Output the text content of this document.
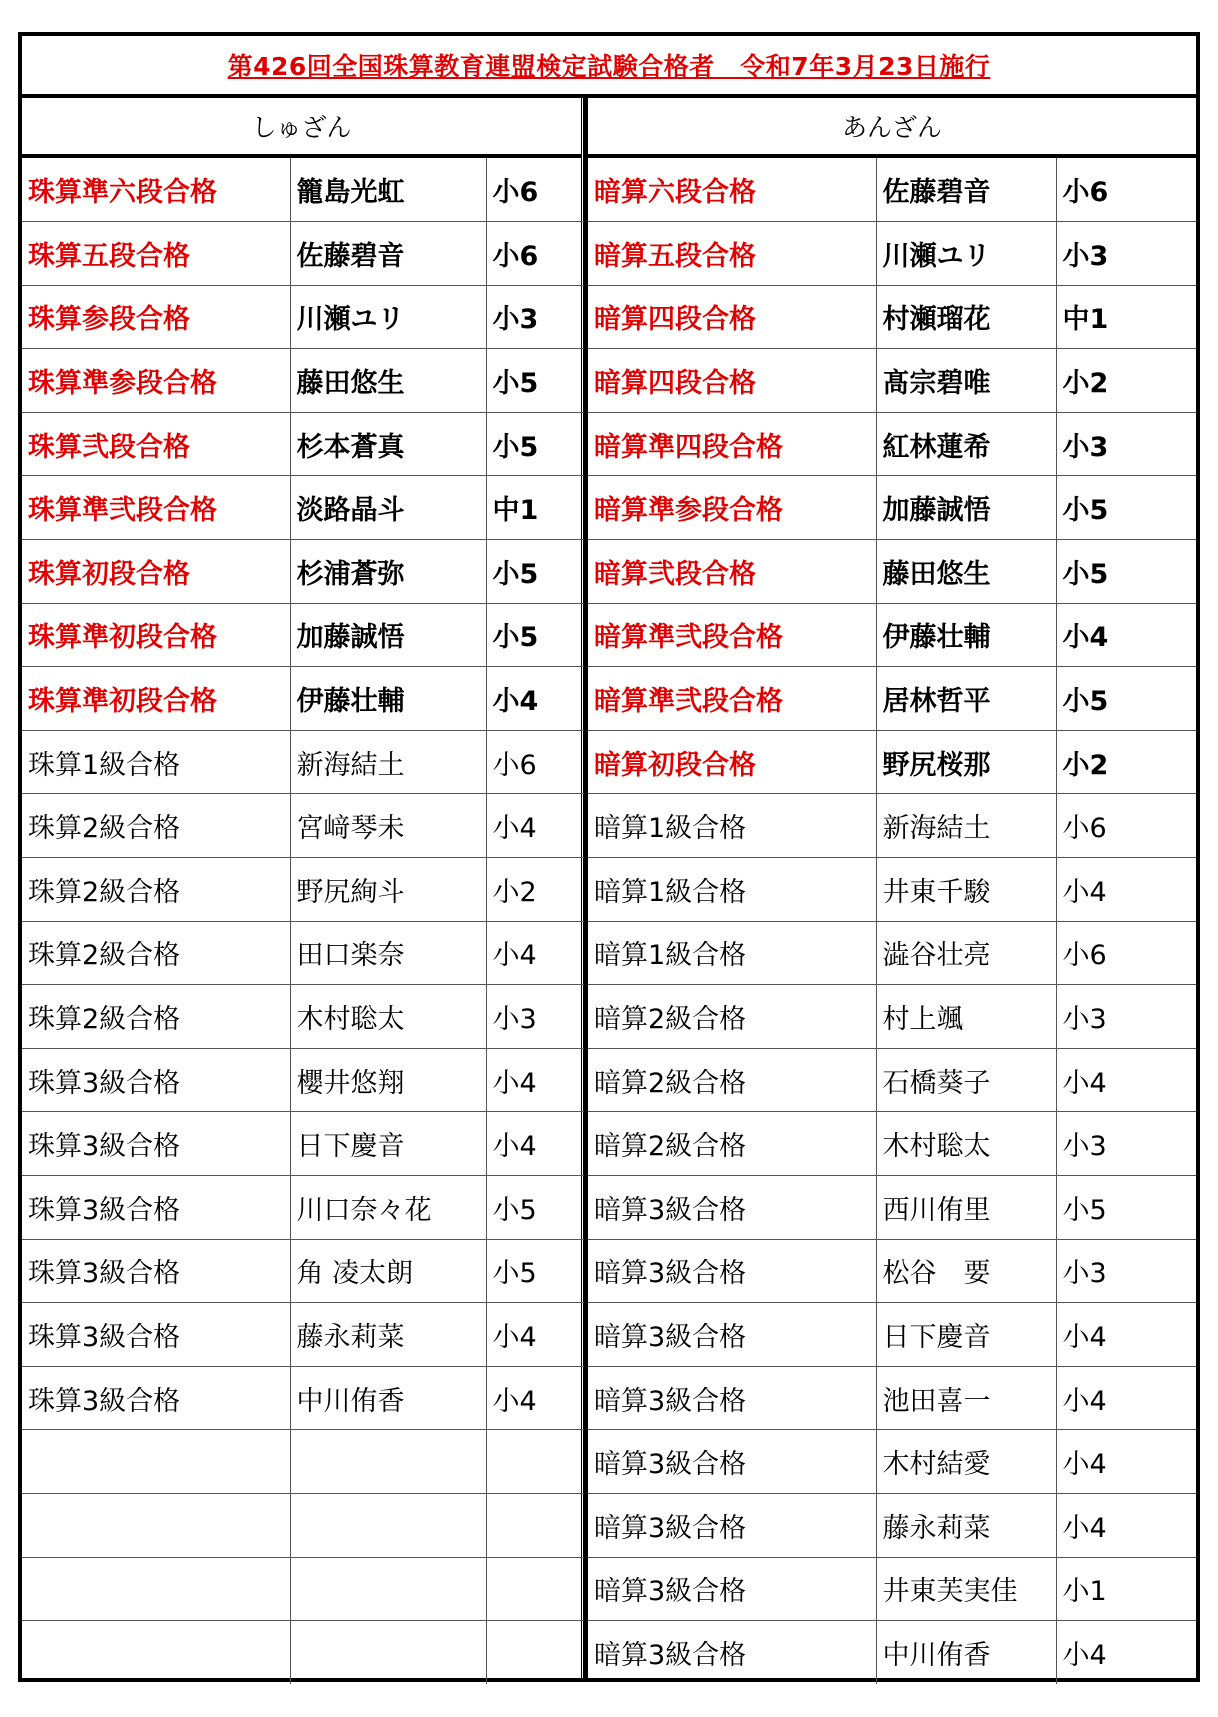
第426回全国珠算教育連盟検定試験合格者　令和7年3月23日施行
しゅざん
珠算準六段合格	籠島光虹	小6
珠算五段合格	佐藤碧音	小6
珠算参段合格	川瀬ユリ	小3
珠算準参段合格	藤田悠生	小5
珠算弐段合格	杉本蒼真	小5
珠算準弐段合格	淡路晶斗	中1
珠算初段合格	杉浦蒼弥	小5
珠算準初段合格	加藤誠悟	小5
珠算準初段合格	伊藤壮輔	小4
珠算1級合格	新海結土	小6
珠算2級合格	宮﨑琴未	小4
珠算2級合格	野尻絢斗	小2
珠算2級合格	田口楽奈	小4
珠算2級合格	木村聡太	小3
珠算3級合格	櫻井悠翔	小4
珠算3級合格	日下慶音	小4
珠算3級合格	川口奈々花	小5
珠算3級合格	角 凌太朗	小5
珠算3級合格	藤永莉菜	小4
珠算3級合格	中川侑香	小4

あんざん
暗算六段合格	佐藤碧音	小6
暗算五段合格	川瀬ユリ	小3
暗算四段合格	村瀬瑠花	中1
暗算四段合格	髙宗碧唯	小2
暗算準四段合格	紅林蓮希	小3
暗算準参段合格	加藤誠悟	小5
暗算弐段合格	藤田悠生	小5
暗算準弐段合格	伊藤壮輔	小4
暗算準弐段合格	居林哲平	小5
暗算初段合格	野尻桜那	小2
暗算1級合格	新海結土	小6
暗算1級合格	井東千駿	小4
暗算1級合格	澁谷壮亮	小6
暗算2級合格	村上颯	小3
暗算2級合格	石橋葵子	小4
暗算2級合格	木村聡太	小3
暗算3級合格	西川侑里	小5
暗算3級合格	松谷　要	小3
暗算3級合格	日下慶音	小4
暗算3級合格	池田喜一	小4
暗算3級合格	木村結愛	小4
暗算3級合格	藤永莉菜	小4
暗算3級合格	井東芙実佳	小1
暗算3級合格	中川侑香	小4
